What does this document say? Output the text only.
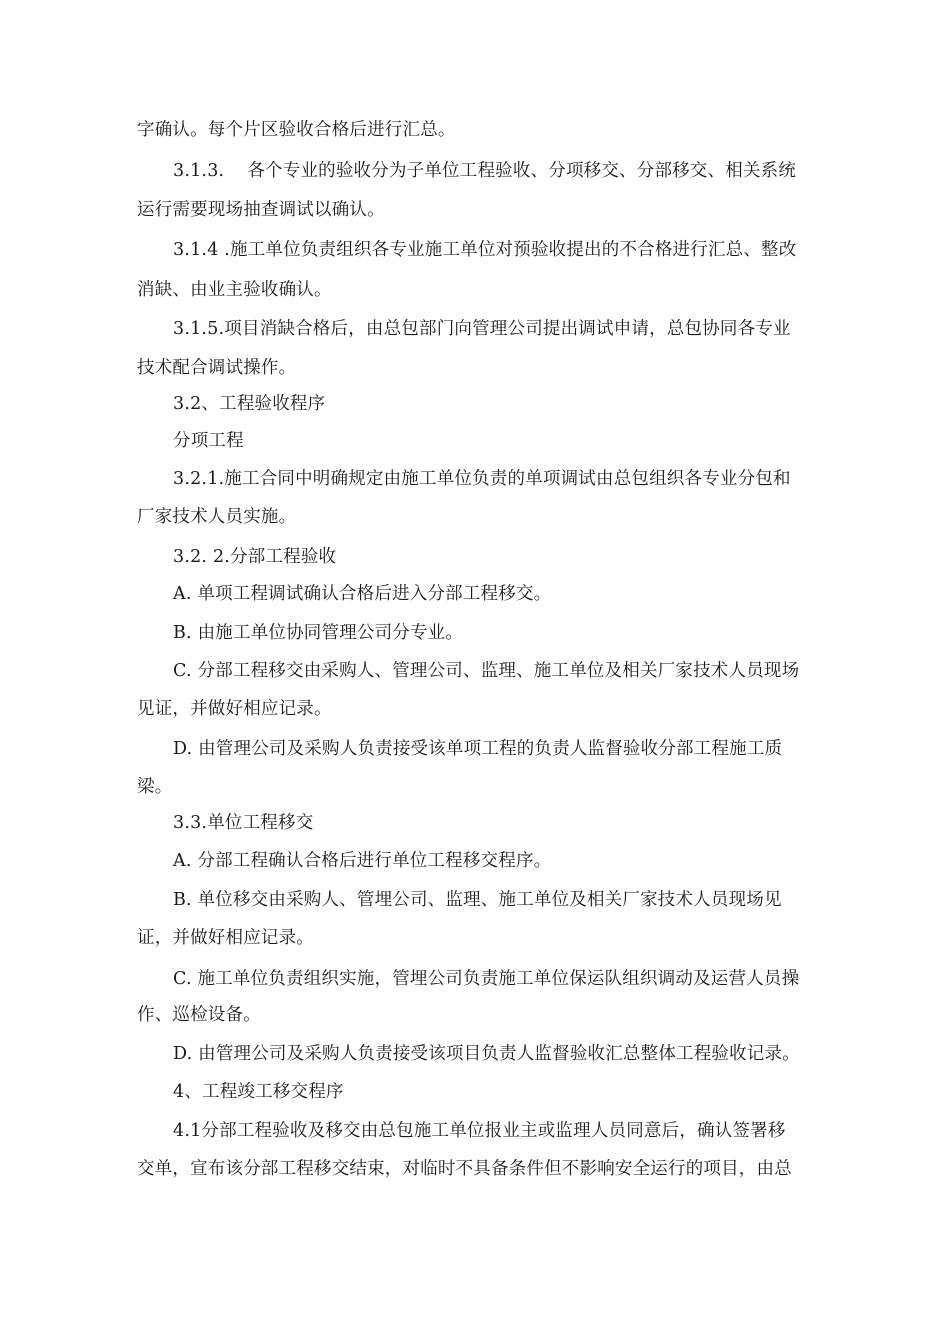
字确认。每个片区验收合格后进行汇总。
3.1.3.    各个专业的验收分为子单位工程验收、分项移交、分部移交、相关系统
运行需要现场抽查调试以确认。
3.1.4 .施工单位负责组织各专业施工单位对预验收提出的不合格进行汇总、整改
消缺、由业主验收确认。
3.1.5.项目消缺合格后，由总包部门向管理公司提出调试申请，总包协同各专业
技术配合调试操作。
3.2、工程验收程序
分项工程
3.2.1.施工合同中明确规定由施工单位负责的单项调试由总包组织各专业分包和
厂家技术人员实施。
3.2. 2.分部工程验收
A. 单项工程调试确认合格后进入分部工程移交。
B. 由施工单位协同管理公司分专业。
C. 分部工程移交由采购人、管理公司、监理、施工单位及相关厂家技术人员现场
见证，并做好相应记录。
D. 由管理公司及采购人负责接受该单项工程的负责人监督验收分部工程施工质
梁。
3.3.单位工程移交
A. 分部工程确认合格后进行单位工程移交程序。
B. 单位移交由采购人、管埋公司、监理、施工单位及相关厂家技术人员现场见
证，并做好相应记录。
C. 施工单位负责组织实施，管埋公司负责施工单位保运队组织调动及运营人员操
作、巡检设备。
D. 由管理公司及采购人负责接受该项目负责人监督验收汇总整体工程验收记录。
4、工程竣工移交程序
4.1分部工程验收及移交由总包施工单位报业主或监理人员同意后，确认签署移
交单，宣布该分部工程移交结束，对临时不具备条件但不影响安全运行的项目，由总
